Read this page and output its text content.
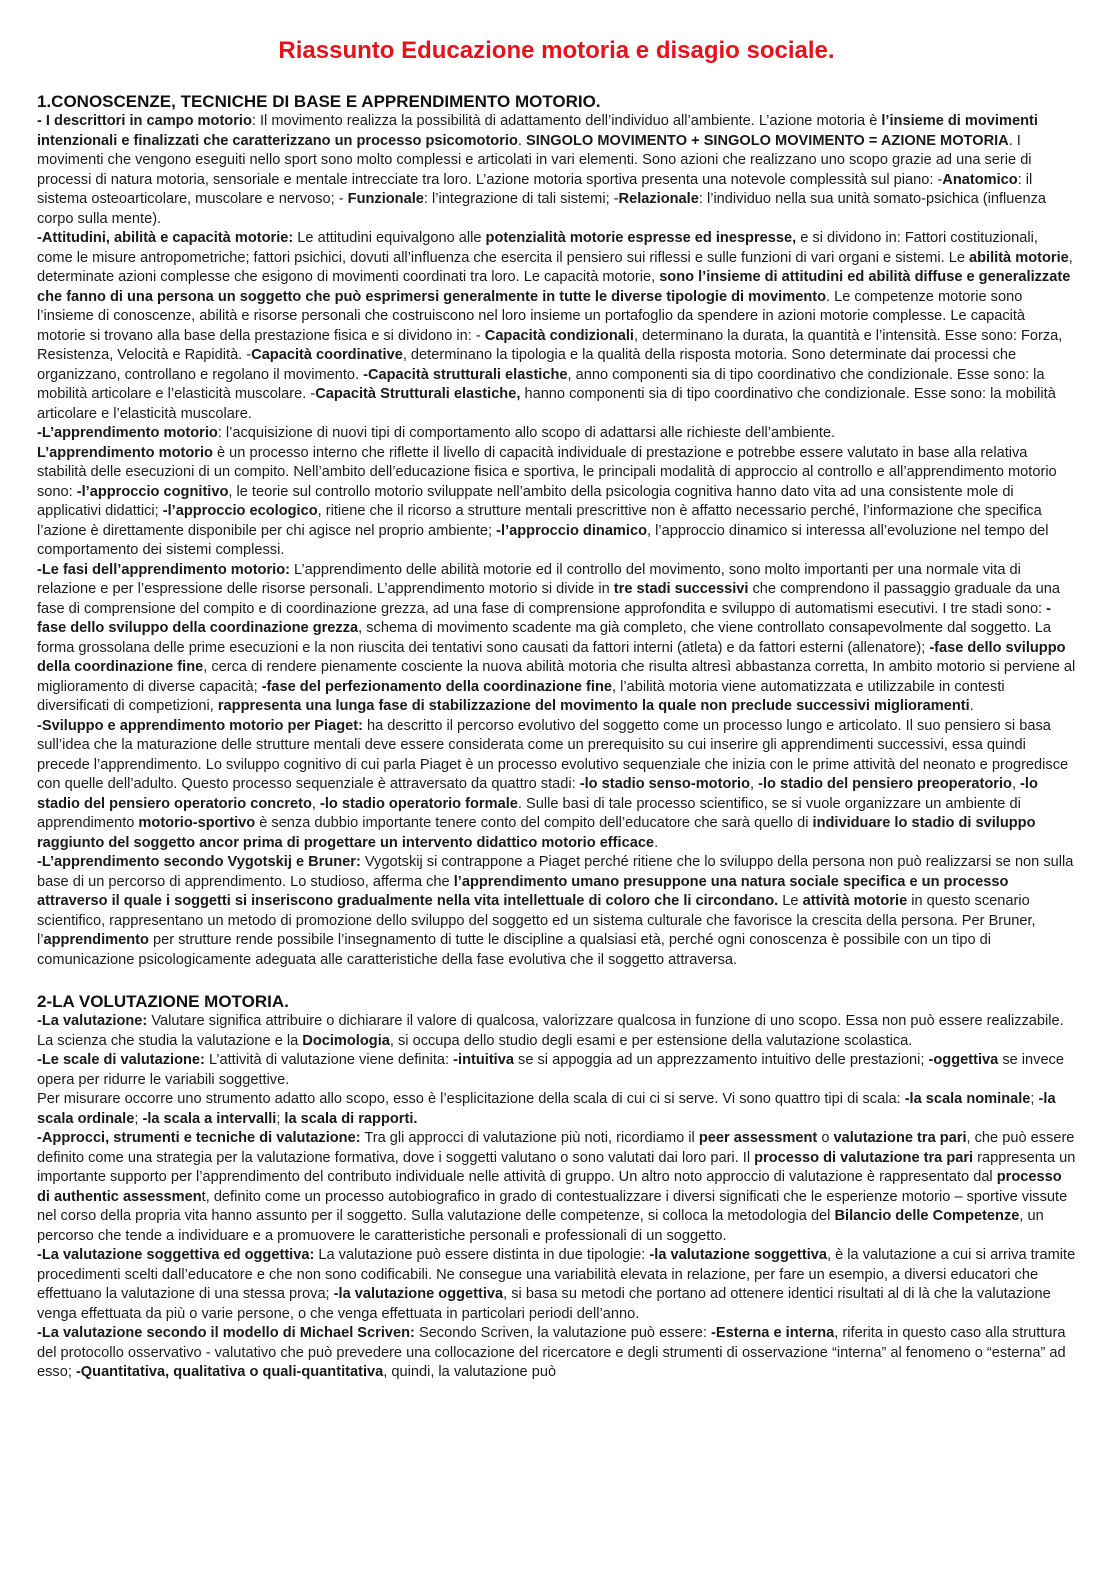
Riassunto Educazione motoria e disagio sociale.
1.CONOSCENZE, TECNICHE DI BASE E APPRENDIMENTO MOTORIO.

- I descrittori in campo motorio: Il movimento realizza la possibilità di adattamento dell’individuo all’ambiente. L’azione motoria è l’insieme di movimenti intenzionali e finalizzati che caratterizzano un processo psicomotorio. SINGOLO MOVIMENTO + SINGOLO MOVIMENTO = AZIONE MOTORIA. I movimenti che vengono eseguiti nello sport sono molto complessi e articolati in vari elementi. Sono azioni che realizzano uno scopo grazie ad una serie di processi di natura motoria, sensoriale e mentale intrecciate tra loro. L’azione motoria sportiva presenta una notevole complessità sul piano: -Anatomico: il sistema osteoarticolare, muscolare e nervoso; - Funzionale: l’integrazione di tali sistemi; -Relazionale: l’individuo nella sua unità somato-psichica (influenza corpo sulla mente).

-Attitudini, abilità e capacità motorie: Le attitudini equivalgono alle potenzialità motorie espresse ed inespresse, e si dividono in: Fattori costituzionali, come le misure antropometriche; fattori psichici, dovuti all’influenza che esercita il pensiero sui riflessi e sulle funzioni di vari organi e sistemi. Le abilità motorie, determinate azioni complesse che esigono di movimenti coordinati tra loro. Le capacità motorie, sono l’insieme di attitudini ed abilità diffuse e generalizzate che fanno di una persona un soggetto che può esprimersi generalmente in tutte le diverse tipologie di movimento. Le competenze motorie sono l’insieme di conoscenze, abilità e risorse personali che costruiscono nel loro insieme un portafoglio da spendere in azioni motorie complesse. Le capacità motorie si trovano alla base della prestazione fisica e si dividono in: - Capacità condizionali, determinano la durata, la quantità e l’intensità. Esse sono: Forza, Resistenza, Velocità e Rapidità. -Capacità coordinative, determinano la tipologia e la qualità della risposta motoria. Sono determinate dai processi che organizzano, controllano e regolano il movimento. -Capacità strutturali elastiche, anno componenti sia di tipo coordinativo che condizionale. Esse sono: la mobilità articolare e l’elasticità muscolare. -Capacità Strutturali elastiche, hanno componenti sia di tipo coordinativo che condizionale. Esse sono: la mobilità articolare e l’elasticità muscolare.

-L’apprendimento motorio: l’acquisizione di nuovi tipi di comportamento allo scopo di adattarsi alle richieste dell’ambiente.

L’apprendimento motorio è un processo interno che riflette il livello di capacità individuale di prestazione e potrebbe essere valutato in base alla relativa stabilità delle esecuzioni di un compito. Nell’ambito dell’educazione fisica e sportiva, le principali modalità di approccio al controllo e all’apprendimento motorio sono: -l’approccio cognitivo, le teorie sul controllo motorio sviluppate nell’ambito della psicologia cognitiva hanno dato vita ad una consistente mole di applicativi didattici; -l’approccio ecologico, ritiene che il ricorso a strutture mentali prescrittive non è affatto necessario perché, l’informazione che specifica l’azione è direttamente disponibile per chi agisce nel proprio ambiente; -l’approccio dinamico, l’approccio dinamico si interessa all’evoluzione nel tempo del comportamento dei sistemi complessi.

-Le fasi dell’apprendimento motorio: L’apprendimento delle abilità motorie ed il controllo del movimento, sono molto importanti per una normale vita di relazione e per l’espressione delle risorse personali. L’apprendimento motorio si divide in tre stadi successivi che comprendono il passaggio graduale da una fase di comprensione del compito e di coordinazione grezza, ad una fase di comprensione approfondita e sviluppo di automatismi esecutivi. I tre stadi sono: -fase dello sviluppo della coordinazione grezza, schema di movimento scadente ma già completo, che viene controllato consapevolmente dal soggetto. La forma grossolana delle prime esecuzioni e la non riuscita dei tentativi sono causati da fattori interni (atleta) e da fattori esterni (allenatore); -fase dello sviluppo della coordinazione fine, cerca di rendere pienamente cosciente la nuova abilità motoria che risulta altresì abbastanza corretta, In ambito motorio si perviene al miglioramento di diverse capacità; -fase del perfezionamento della coordinazione fine, l’abilità motoria viene automatizzata e utilizzabile in contesti diversificati di competizioni, rappresenta una lunga fase di stabilizzazione del movimento la quale non preclude successivi miglioramenti.

-Sviluppo e apprendimento motorio per Piaget: ha descritto il percorso evolutivo del soggetto come un processo lungo e articolato. Il suo pensiero si basa sull’idea che la maturazione delle strutture mentali deve essere considerata come un prerequisito su cui inserire gli apprendimenti successivi, essa quindi precede l’apprendimento. Lo sviluppo cognitivo di cui parla Piaget è un processo evolutivo sequenziale che inizia con le prime attività del neonato e progredisce con quelle dell’adulto. Questo processo sequenziale è attraversato da quattro stadi: -lo stadio senso-motorio, -lo stadio del pensiero preoperatorio, -lo stadio del pensiero operatorio concreto, -lo stadio operatorio formale. Sulle basi di tale processo scientifico, se si vuole organizzare un ambiente di apprendimento motorio-sportivo è senza dubbio importante tenere conto del compito dell’educatore che sarà quello di individuare lo stadio di sviluppo raggiunto del soggetto ancor prima di progettare un intervento didattico motorio efficace.

-L’apprendimento secondo Vygotskij e Bruner: Vygotskij si contrappone a Piaget perché ritiene che lo sviluppo della persona non può realizzarsi se non sulla base di un percorso di apprendimento. Lo studioso, afferma che l’apprendimento umano presuppone una natura sociale specifica e un processo attraverso il quale i soggetti si inseriscono gradualmente nella vita intellettuale di coloro che li circondano. Le attività motorie in questo scenario scientifico, rappresentano un metodo di promozione dello sviluppo del soggetto ed un sistema culturale che favorisce la crescita della persona. Per Bruner, l’apprendimento per strutture rende possibile l’insegnamento di tutte le discipline a qualsiasi età, perché ogni conoscenza è possibile con un tipo di comunicazione psicologicamente adeguata alle caratteristiche della fase evolutiva che il soggetto attraversa.

2-LA VOLUTAZIONE MOTORIA.

-La valutazione: Valutare significa attribuire o dichiarare il valore di qualcosa, valorizzare qualcosa in funzione di uno scopo. Essa non può essere realizzabile. La scienza che studia la valutazione e la Docimologia, si occupa dello studio degli esami e per estensione della valutazione scolastica.

-Le scale di valutazione: L’attività di valutazione viene definita: -intuitiva se si appoggia ad un apprezzamento intuitivo delle prestazioni; -oggettiva se invece opera per ridurre le variabili soggettive.

Per misurare occorre uno strumento adatto allo scopo, esso è l’esplicitazione della scala di cui ci si serve. Vi sono quattro tipi di scala: -la scala nominale; -la scala ordinale; -la scala a intervalli; la scala di rapporti.

-Approcci, strumenti e tecniche di valutazione: Tra gli approcci di valutazione più noti, ricordiamo il peer assessment o valutazione tra pari, che può essere definito come una strategia per la valutazione formativa, dove i soggetti valutano o sono valutati dai loro pari. Il processo di valutazione tra pari rappresenta un importante supporto per l’apprendimento del contributo individuale nelle attività di gruppo. Un altro noto approccio di valutazione è rappresentato dal processo di authentic assessment, definito come un processo autobiografico in grado di contestualizzare i diversi significati che le esperienze motorio – sportive vissute nel corso della propria vita hanno assunto per il soggetto. Sulla valutazione delle competenze, si colloca la metodologia del Bilancio delle Competenze, un percorso che tende a individuare e a promuovere le caratteristiche personali e professionali di un soggetto.

-La valutazione soggettiva ed oggettiva: La valutazione può essere distinta in due tipologie: -la valutazione soggettiva, è la valutazione a cui si arriva tramite procedimenti scelti dall’educatore e che non sono codificabili. Ne consegue una variabilità elevata in relazione, per fare un esempio, a diversi educatori che effettuano la valutazione di una stessa prova; -la valutazione oggettiva, si basa su metodi che portano ad ottenere identici risultati al di là che la valutazione venga effettuata da più o varie persone, o che venga effettuata in particolari periodi dell’anno.

-La valutazione secondo il modello di Michael Scriven: Secondo Scriven, la valutazione può essere: -Esterna e interna, riferita in questo caso alla struttura del protocollo osservativo - valutativo che può prevedere una collocazione del ricercatore e degli strumenti di osservazione “interna” al fenomeno o “esterna” ad esso; -Quantitativa, qualitativa o quali-quantitativa, quindi, la valutazione può
